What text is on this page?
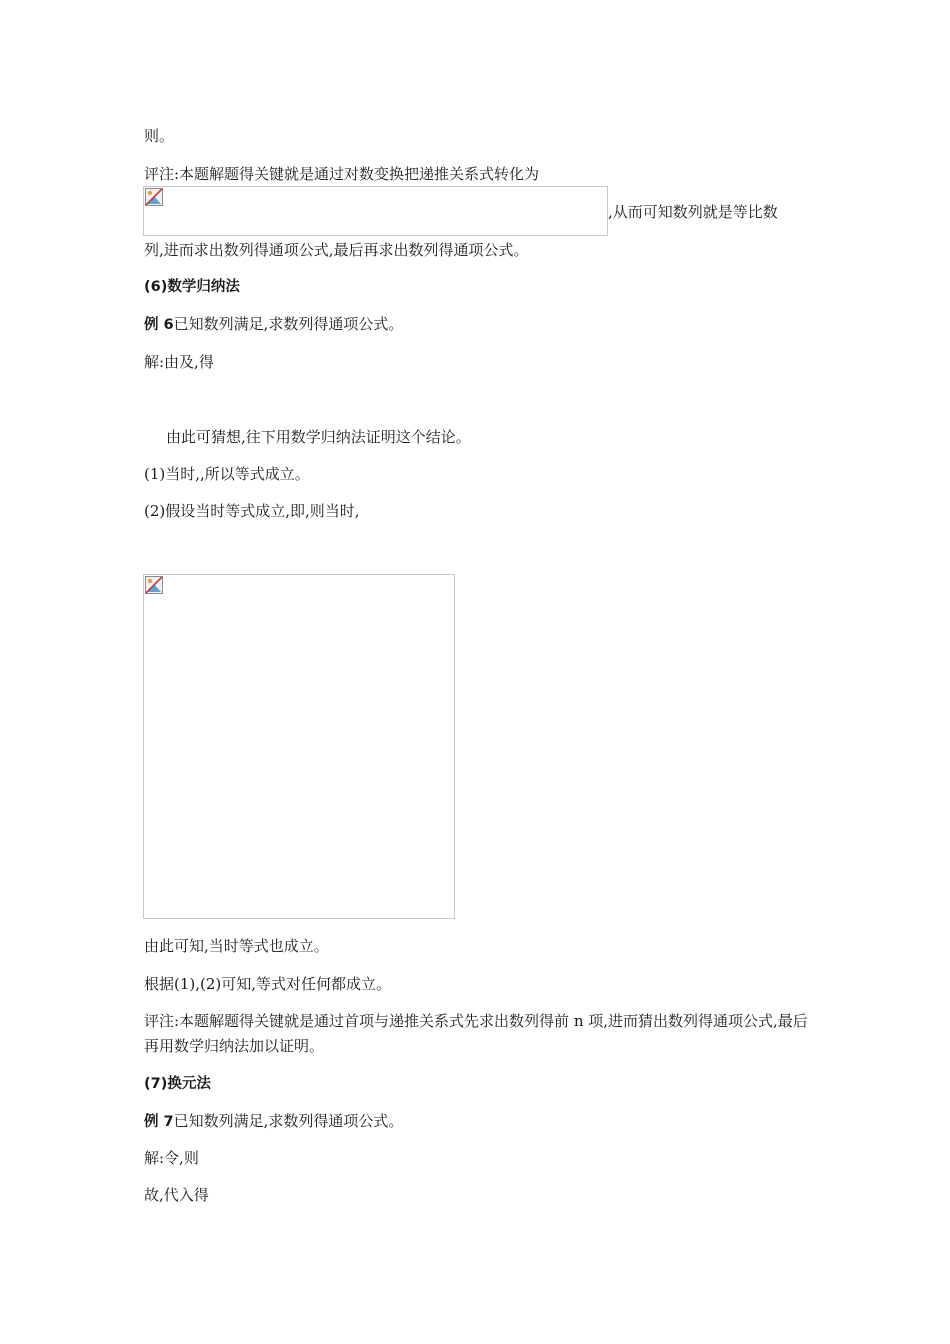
则。
评注:本题解题得关键就是通过对数变换把递推关系式转化为
,从而可知数列就是等比数
列,进而求出数列得通项公式,最后再求出数列得通项公式。
(6)数学归纳法
例 6已知数列满足,求数列得通项公式。
解:由及,得
由此可猜想,往下用数学归纳法证明这个结论。
(1)当时,,所以等式成立。
(2)假设当时等式成立,即,则当时,
由此可知,当时等式也成立。
根据(1),(2)可知,等式对任何都成立。
评注:本题解题得关键就是通过首项与递推关系式先求出数列得前 n 项,进而猜出数列得通项公式,最后再用数学归纳法加以证明。
(7)换元法
例 7已知数列满足,求数列得通项公式。
解:令,则
故,代入得
